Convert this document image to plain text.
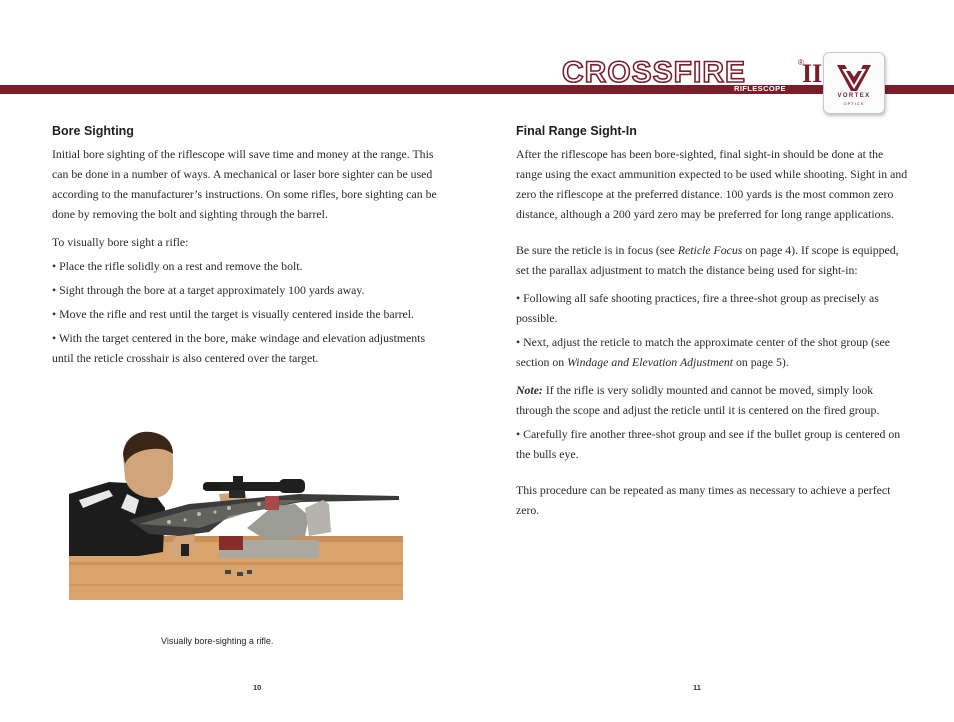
CROSSFIRE	®
II
RIFLESCOPE
VORTEX
OPTICS
Bore Sighting

Initial bore sighting of the riflescope will save time and money at the range. This can be done in a number of ways. A mechanical or laser bore sighter can be used according to the manufacturer’s instructions. On some rifles, bore sighting can be done by removing the bolt and sighting through the barrel.

To visually bore sight a rifle:

• Place the rifle solidly on a rest and remove the bolt.

• Sight through the bore at a target approximately 100 yards away.

• Move the rifle and rest until the target is visually centered inside the barrel.

• With the target centered in the bore, make windage and elevation adjustments until the reticle crosshair is also centered over the target.

Visually bore-sighting a rifle.
10
Final Range Sight-In

After the riflescope has been bore-sighted, final sight-in should be done at the range using the exact ammunition expected to be used while shooting. Sight in and zero the riflescope at the preferred distance. 100 yards is the most common zero distance, although a 200 yard zero may be preferred for long range applications.

Be sure the reticle is in focus (see Reticle Focus on page 4). If scope is equipped, set the parallax adjustment to match the distance being used for sight-in:

• Following all safe shooting practices, fire a three-shot group as precisely as possible.

• Next, adjust the reticle to match the approximate center of the shot group (see section on Windage and Elevation Adjustment on page 5).

Note: If the rifle is very solidly mounted and cannot be moved, simply look through the scope and adjust the reticle until it is centered on the fired group.

• Carefully fire another three-shot group and see if the bullet group is centered on the bulls eye.

This procedure can be repeated as many times as necessary to achieve a perfect zero.

11
